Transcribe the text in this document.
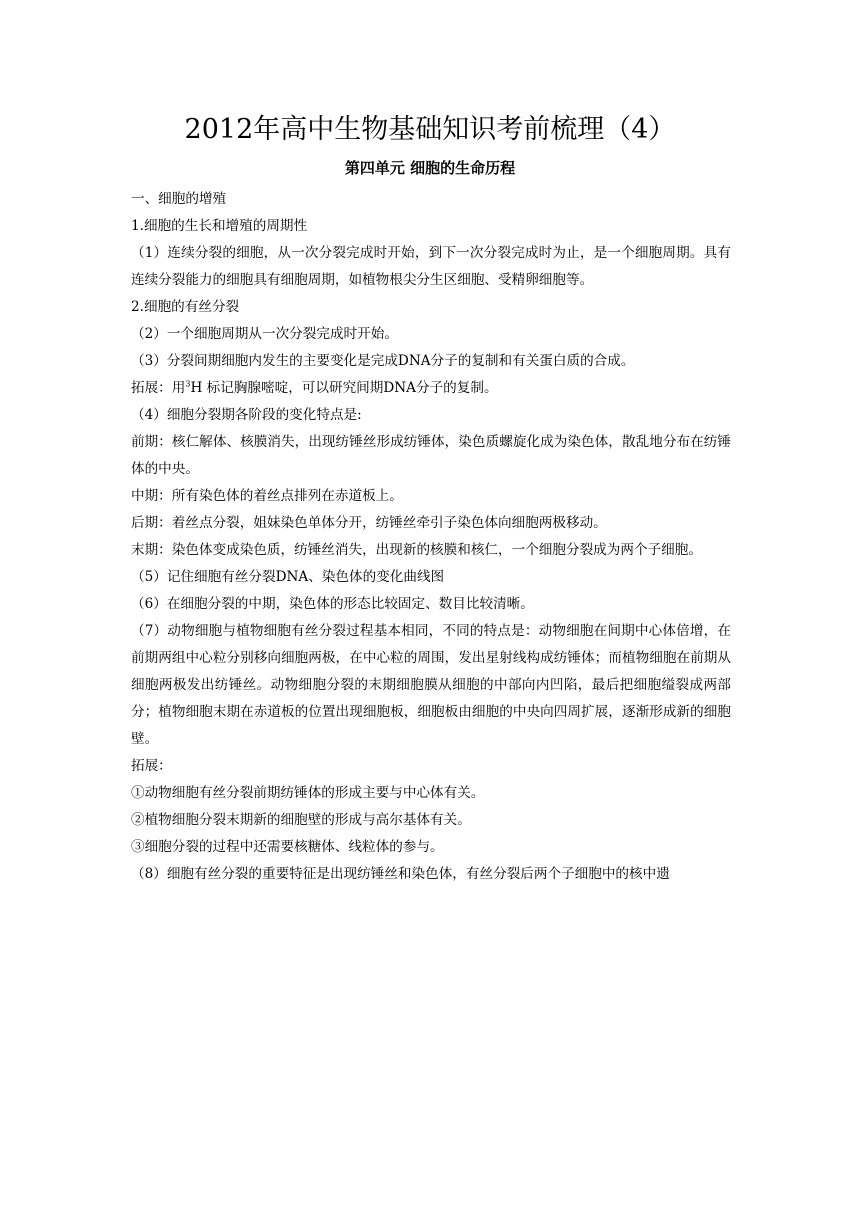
2012年高中生物基础知识考前梳理（4）
第四单元 细胞的生命历程

一、细胞的增殖

1.细胞的生长和增殖的周期性

（1）连续分裂的细胞，从一次分裂完成时开始，到下一次分裂完成时为止，是一个细胞周期。具有连续分裂能力的细胞具有细胞周期，如植物根尖分生区细胞、受精卵细胞等。

2.细胞的有丝分裂

（2）一个细胞周期从一次分裂完成时开始。

（3）分裂间期细胞内发生的主要变化是完成DNA分子的复制和有关蛋白质的合成。

拓展：用$^3$H 标记胸腺嘧啶，可以研究间期DNA分子的复制。

（4）细胞分裂期各阶段的变化特点是:

前期：核仁解体、核膜消失，出现纺锤丝形成纺锤体，染色质螺旋化成为染色体，散乱地分布在纺锤体的中央。

中期：所有染色体的着丝点排列在赤道板上。

后期：着丝点分裂，姐妹染色单体分开，纺锤丝牵引子染色体向细胞两极移动。

末期：染色体变成染色质，纺锤丝消失，出现新的核膜和核仁，一个细胞分裂成为两个子细胞。

（5）记住细胞有丝分裂DNA、染色体的变化曲线图

（6）在细胞分裂的中期，染色体的形态比较固定、数目比较清晰。

（7）动物细胞与植物细胞有丝分裂过程基本相同，不同的特点是：动物细胞在间期中心体倍增，在前期两组中心粒分别移向细胞两极，在中心粒的周围，发出星射线构成纺锤体；而植物细胞在前期从细胞两极发出纺锤丝。动物细胞分裂的末期细胞膜从细胞的中部向内凹陷，最后把细胞缢裂成两部分；植物细胞末期在赤道板的位置出现细胞板，细胞板由细胞的中央向四周扩展，逐渐形成新的细胞壁。

拓展：

①动物细胞有丝分裂前期纺锤体的形成主要与中心体有关。

②植物细胞分裂末期新的细胞壁的形成与高尔基体有关。

③细胞分裂的过程中还需要核糖体、线粒体的参与。

（8）细胞有丝分裂的重要特征是出现纺锤丝和染色体，有丝分裂后两个子细胞中的核中遗
